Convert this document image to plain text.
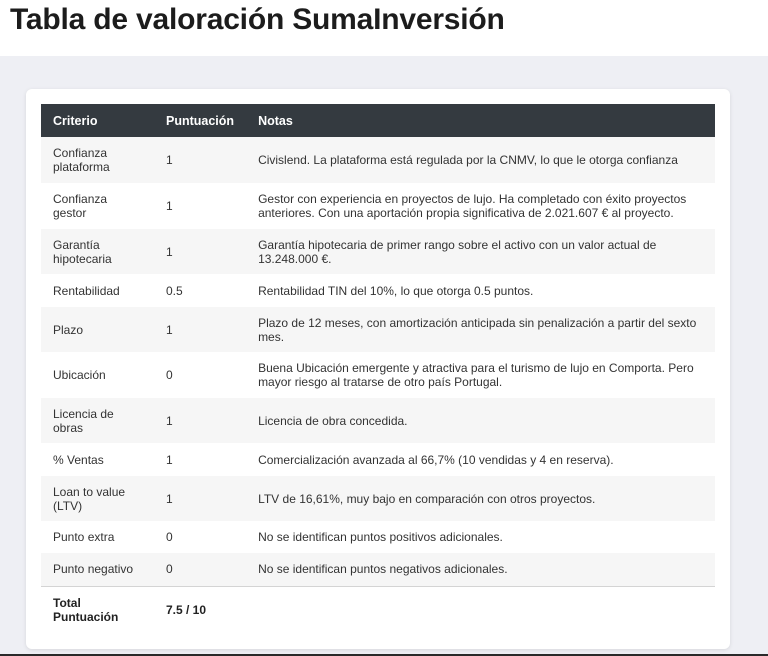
Tabla de valoración SumaInversión
Criterio	Puntuación	Notas
Confianza plataforma	1	Civislend. La plataforma está regulada por la CNMV, lo que le otorga confianza
Confianza gestor	1	Gestor con experiencia en proyectos de lujo. Ha completado con éxito proyectos anteriores. Con una aportación propia significativa de 2.021.607 € al proyecto.
Garantía hipotecaria	1	Garantía hipotecaria de primer rango sobre el activo con un valor actual de 13.248.000 €.
Rentabilidad	0.5	Rentabilidad TIN del 10%, lo que otorga 0.5 puntos.
Plazo	1	Plazo de 12 meses, con amortización anticipada sin penalización a partir del sexto mes.
Ubicación	0	Buena Ubicación emergente y atractiva para el turismo de lujo en Comporta. Pero mayor riesgo al tratarse de otro país Portugal.
Licencia de obras	1	Licencia de obra concedida.
% Ventas	1	Comercialización avanzada al 66,7% (10 vendidas y 4 en reserva).
Loan to value (LTV)	1	LTV de 16,61%, muy bajo en comparación con otros proyectos.
Punto extra	0	No se identifican puntos positivos adicionales.
Punto negativo	0	No se identifican puntos negativos adicionales.
Total Puntuación	7.5 / 10	
